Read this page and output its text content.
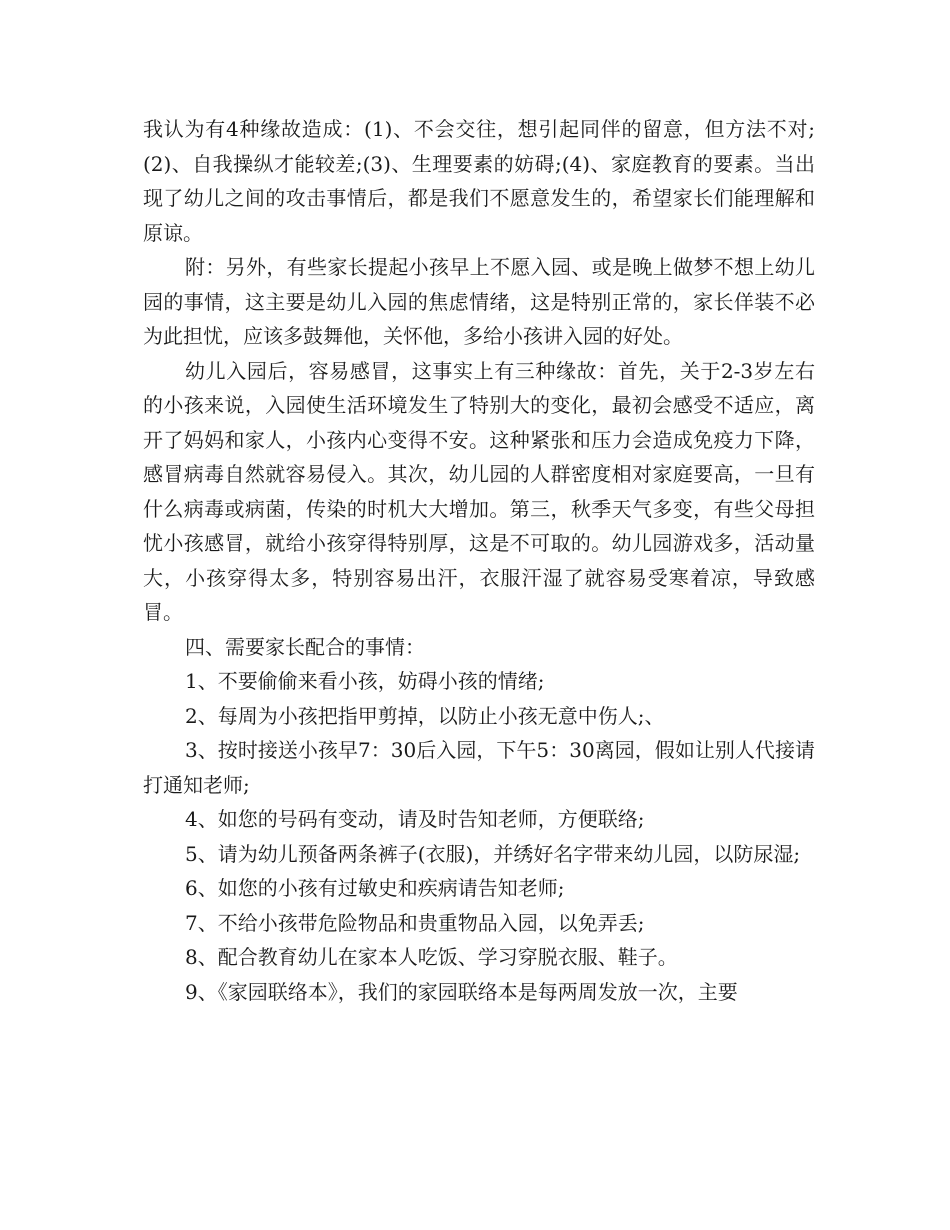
我认为有4种缘故造成：(1)、不会交往，想引起同伴的留意，但方法不对;(2)、自我操纵才能较差;(3)、生理要素的妨碍;(4)、家庭教育的要素。当出现了幼儿之间的攻击事情后，都是我们不愿意发生的，希望家长们能理解和原谅。

附：另外，有些家长提起小孩早上不愿入园、或是晚上做梦不想上幼儿园的事情，这主要是幼儿入园的焦虑情绪，这是特别正常的，家长佯装不必为此担忧，应该多鼓舞他，关怀他，多给小孩讲入园的好处。

幼儿入园后，容易感冒，这事实上有三种缘故：首先，关于2-3岁左右的小孩来说，入园使生活环境发生了特别大的变化，最初会感受不适应，离开了妈妈和家人，小孩内心变得不安。这种紧张和压力会造成免疫力下降，感冒病毒自然就容易侵入。其次，幼儿园的人群密度相对家庭要高，一旦有什么病毒或病菌，传染的时机大大增加。第三，秋季天气多变，有些父母担忧小孩感冒，就给小孩穿得特别厚，这是不可取的。幼儿园游戏多，活动量大，小孩穿得太多，特别容易出汗，衣服汗湿了就容易受寒着凉，导致感冒。

四、需要家长配合的事情：

1、不要偷偷来看小孩，妨碍小孩的情绪;

2、每周为小孩把指甲剪掉，以防止小孩无意中伤人;、

3、按时接送小孩早7：30后入园，下午5：30离园，假如让别人代接请打通知老师;

4、如您的号码有变动，请及时告知老师，方便联络;

5、请为幼儿预备两条裤子(衣服)，并绣好名字带来幼儿园，以防尿湿;

6、如您的小孩有过敏史和疾病请告知老师;

7、不给小孩带危险物品和贵重物品入园，以免弄丢;

8、配合教育幼儿在家本人吃饭、学习穿脱衣服、鞋子。

9、《家园联络本》，我们的家园联络本是每两周发放一次，主要
